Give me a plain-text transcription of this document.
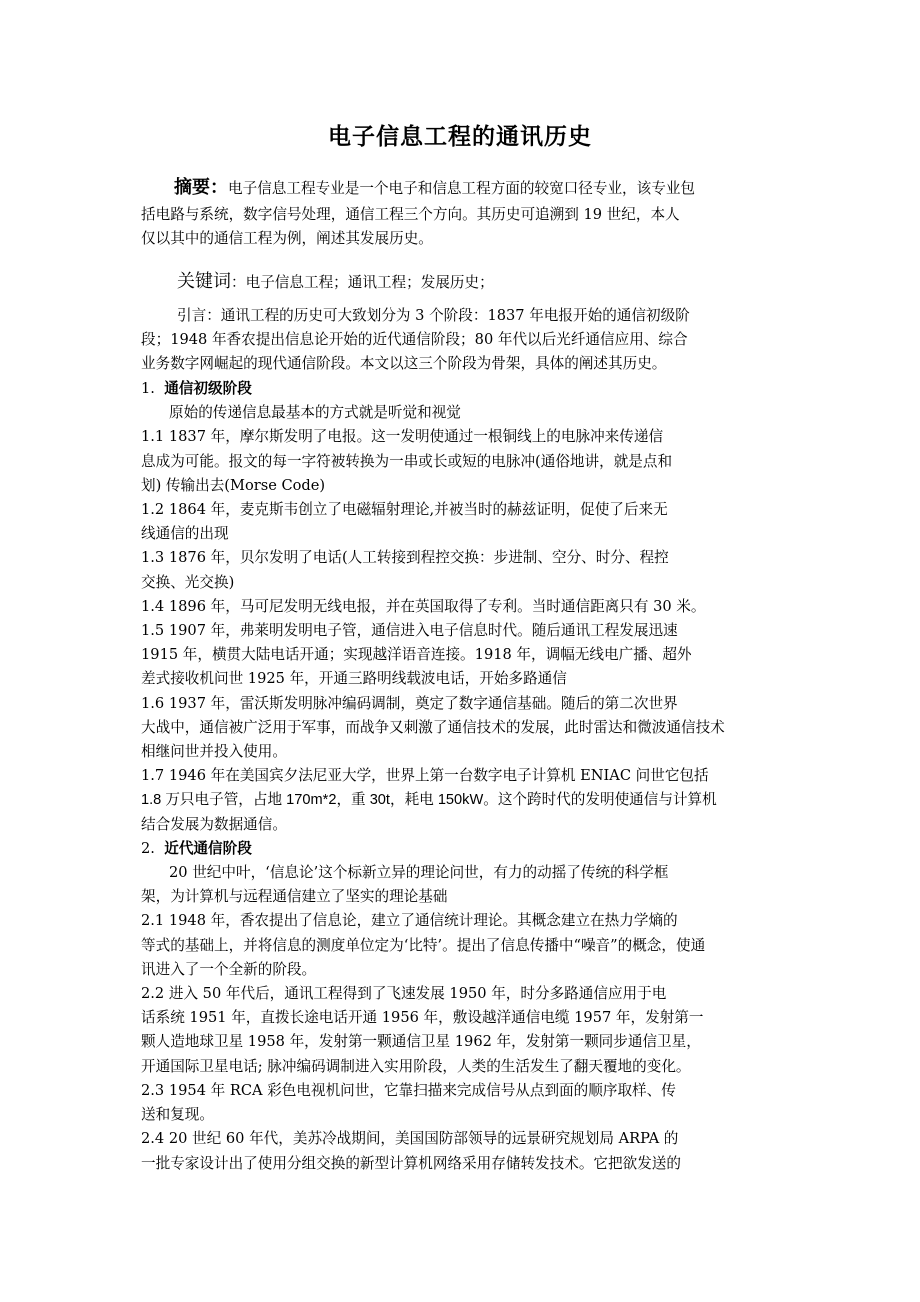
电子信息工程的通讯历史
摘要：电子信息工程专业是一个电子和信息工程方面的较宽口径专业，该专业包
括电路与系统，数字信号处理，通信工程三个方向。其历史可追溯到 19 世纪，本人
仅以其中的通信工程为例，阐述其发展历史。
关键词：电子信息工程；通讯工程；发展历史；
引言：通讯工程的历史可大致划分为 3 个阶段：1837 年电报开始的通信初级阶
段；1948 年香农提出信息论开始的近代通信阶段；80 年代以后光纤通信应用、综合
业务数字网崛起的现代通信阶段。本文以这三个阶段为骨架，具体的阐述其历史。
1. 通信初级阶段
原始的传递信息最基本的方式就是听觉和视觉
1.1 1837 年，摩尔斯发明了电报。这一发明使通过一根铜线上的电脉冲来传递信
息成为可能。报文的每一字符被转换为一串或长或短的电脉冲(通俗地讲，就是点和
划) 传输出去(Morse Code)
1.2 1864 年，麦克斯韦创立了电磁辐射理论,并被当时的赫兹证明，促使了后来无
线通信的出现
1.3 1876 年，贝尔发明了电话(人工转接到程控交换：步进制、空分、时分、程控
交换、光交换)
1.4 1896 年，马可尼发明无线电报，并在英国取得了专利。当时通信距离只有 30 米。
1.5 1907 年，弗莱明发明电子管，通信进入电子信息时代。随后通讯工程发展迅速
1915 年，横贯大陆电话开通；实现越洋语音连接。1918 年，调幅无线电广播、超外
差式接收机问世 1925 年，开通三路明线载波电话，开始多路通信
1.6 1937 年，雷沃斯发明脉冲编码调制，奠定了数字通信基础。随后的第二次世界
大战中，通信被广泛用于军事，而战争又刺激了通信技术的发展，此时雷达和微波通信技术
相继问世并投入使用。
1.7 1946 年在美国宾夕法尼亚大学，世界上第一台数字电子计算机 ENIAC 问世它包括
1.8 万只电子管，占地 170m*2，重 30t，耗电 150kW。这个跨时代的发明使通信与计算机
结合发展为数据通信。
2. 近代通信阶段
20 世纪中叶，‘信息论’这个标新立异的理论问世，有力的动摇了传统的科学框
架，为计算机与远程通信建立了坚实的理论基础
2.1 1948 年，香农提出了信息论，建立了通信统计理论。其概念建立在热力学熵的
等式的基础上，并将信息的测度单位定为‘比特’。提出了信息传播中“噪音”的概念，使通
讯进入了一个全新的阶段。
2.2 进入 50 年代后，通讯工程得到了飞速发展 1950 年，时分多路通信应用于电
话系统 1951 年，直拨长途电话开通 1956 年，敷设越洋通信电缆 1957 年，发射第一
颗人造地球卫星 1958 年，发射第一颗通信卫星 1962 年，发射第一颗同步通信卫星，
开通国际卫星电话; 脉冲编码调制进入实用阶段，人类的生活发生了翻天覆地的变化。
2.3 1954 年 RCA 彩色电视机问世，它靠扫描来完成信号从点到面的顺序取样、传
送和复现。
2.4 20 世纪 60 年代，美苏冷战期间，美国国防部领导的远景研究规划局 ARPA 的
一批专家设计出了使用分组交换的新型计算机网络采用存储转发技术。它把欲发送的
